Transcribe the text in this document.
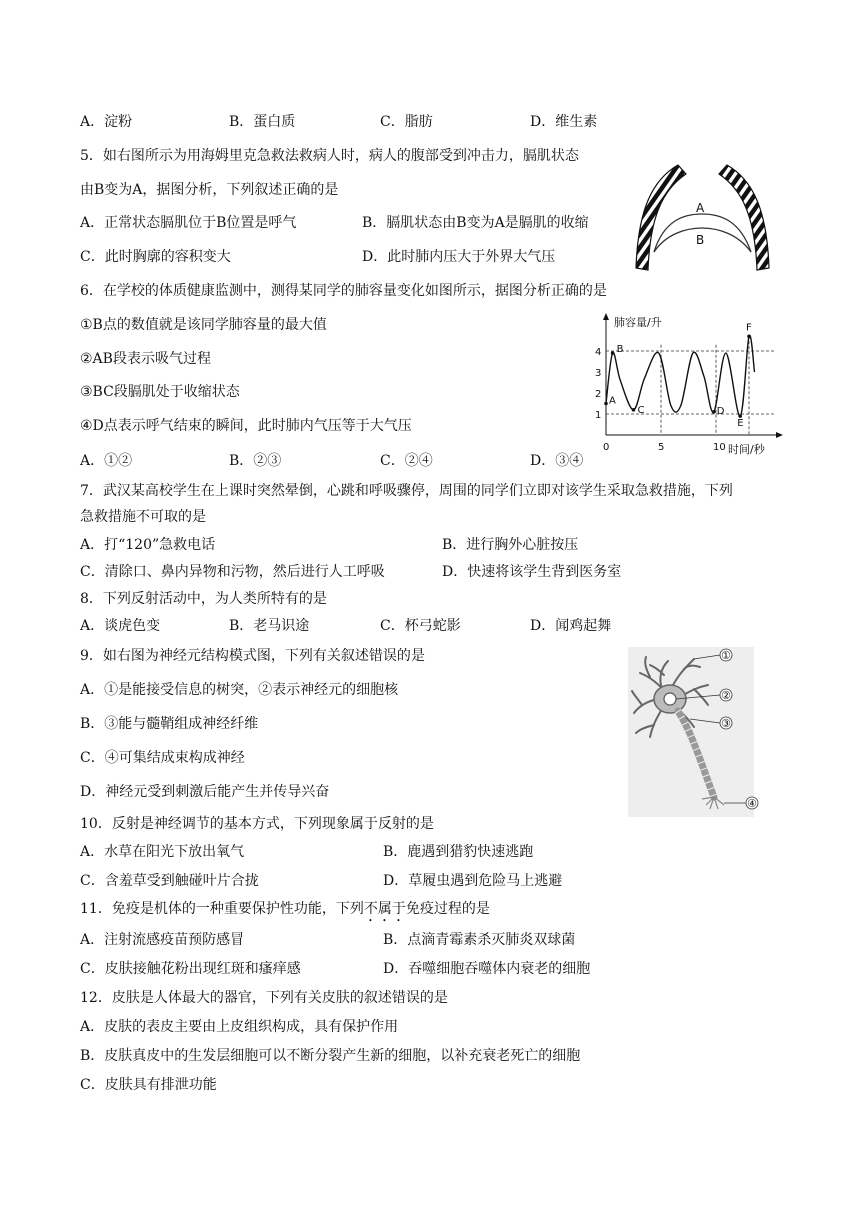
A．淀粉	B．蛋白质	C．脂肪	D．维生素
5．如右图所示为用海姆里克急救法救病人时，病人的腹部受到冲击力，膈肌状态
由B变为A，据图分析，下列叙述正确的是
A．正常状态膈肌位于B位置是呼气	B．膈肌状态由B变为A是膈肌的收缩
C．此时胸廓的容积变大	D．此时肺内压大于外界大气压
A
B
6．在学校的体质健康监测中，测得某同学的肺容量变化如图所示，据图分析正确的是
①B点的数值就是该同学肺容量的最大值
②AB段表示吸气过程
③BC段膈肌处于收缩状态
④D点表示呼气结束的瞬间，此时肺内气压等于大气压
A．①②	B．②③	C．②④	D．③④
肺容量/升
时间/秒
1
2
3
4
0	5	10
A
B
C	D
E
F
7．武汉某高校学生在上课时突然晕倒，心跳和呼吸骤停，周围的同学们立即对该学生采取急救措施，下列
急救措施不可取的是
A．打“120”急救电话	B．进行胸外心脏按压
C．清除口、鼻内异物和污物，然后进行人工呼吸	D．快速将该学生背到医务室
8．下列反射活动中，为人类所特有的是
A．谈虎色变	B．老马识途	C．杯弓蛇影	D．闻鸡起舞
9．如右图为神经元结构模式图，下列有关叙述错误的是
A．①是能接受信息的树突，②表示神经元的细胞核
B．③能与髓鞘组成神经纤维
C．④可集结成束构成神经
D．神经元受到刺激后能产生并传导兴奋
①
②
③
④
10．反射是神经调节的基本方式，下列现象属于反射的是
A．水草在阳光下放出氧气	B．鹿遇到猎豹快速逃跑
C．含羞草受到触碰叶片合拢	D．草履虫遇到危险马上逃避
11．免疫是机体的一种重要保护性功能，下列不属于免疫过程的是
A．注射流感疫苗预防感冒	B．点滴青霉素杀灭肺炎双球菌
C．皮肤接触花粉出现红斑和瘙痒感	D．吞噬细胞吞噬体内衰老的细胞
12．皮肤是人体最大的器官，下列有关皮肤的叙述错误的是
A．皮肤的表皮主要由上皮组织构成，具有保护作用
B．皮肤真皮中的生发层细胞可以不断分裂产生新的细胞，以补充衰老死亡的细胞
C．皮肤具有排泄功能
